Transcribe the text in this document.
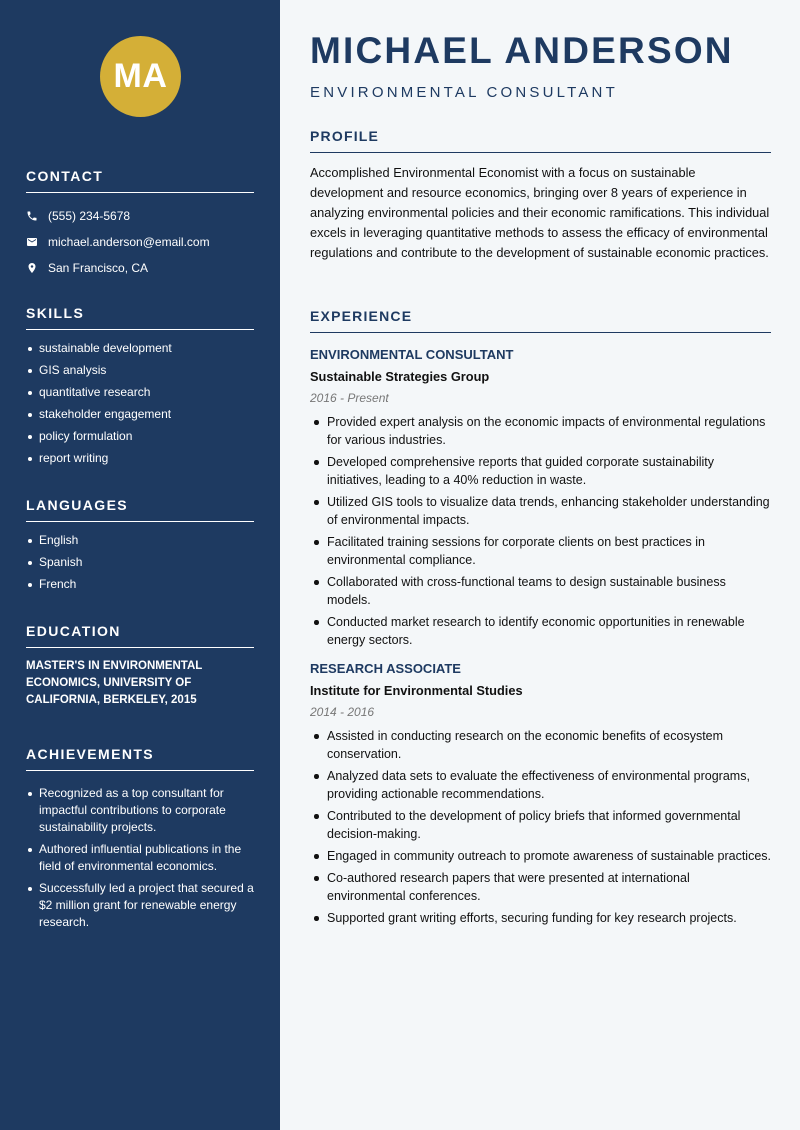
MA
CONTACT
(555) 234-5678
michael.anderson@email.com
San Francisco, CA
SKILLS
sustainable development
GIS analysis
quantitative research
stakeholder engagement
policy formulation
report writing
LANGUAGES
English
Spanish
French
EDUCATION
MASTER'S IN ENVIRONMENTAL ECONOMICS, UNIVERSITY OF CALIFORNIA, BERKELEY, 2015
ACHIEVEMENTS
Recognized as a top consultant for impactful contributions to corporate sustainability projects.
Authored influential publications in the field of environmental economics.
Successfully led a project that secured a $2 million grant for renewable energy research.
MICHAEL ANDERSON
ENVIRONMENTAL CONSULTANT
PROFILE
Accomplished Environmental Economist with a focus on sustainable development and resource economics, bringing over 8 years of experience in analyzing environmental policies and their economic ramifications. This individual excels in leveraging quantitative methods to assess the efficacy of environmental regulations and contribute to the development of sustainable economic practices.
EXPERIENCE
ENVIRONMENTAL CONSULTANT
Sustainable Strategies Group
2016 - Present
Provided expert analysis on the economic impacts of environmental regulations for various industries.
Developed comprehensive reports that guided corporate sustainability initiatives, leading to a 40% reduction in waste.
Utilized GIS tools to visualize data trends, enhancing stakeholder understanding of environmental impacts.
Facilitated training sessions for corporate clients on best practices in environmental compliance.
Collaborated with cross-functional teams to design sustainable business models.
Conducted market research to identify economic opportunities in renewable energy sectors.
RESEARCH ASSOCIATE
Institute for Environmental Studies
2014 - 2016
Assisted in conducting research on the economic benefits of ecosystem conservation.
Analyzed data sets to evaluate the effectiveness of environmental programs, providing actionable recommendations.
Contributed to the development of policy briefs that informed governmental decision-making.
Engaged in community outreach to promote awareness of sustainable practices.
Co-authored research papers that were presented at international environmental conferences.
Supported grant writing efforts, securing funding for key research projects.
